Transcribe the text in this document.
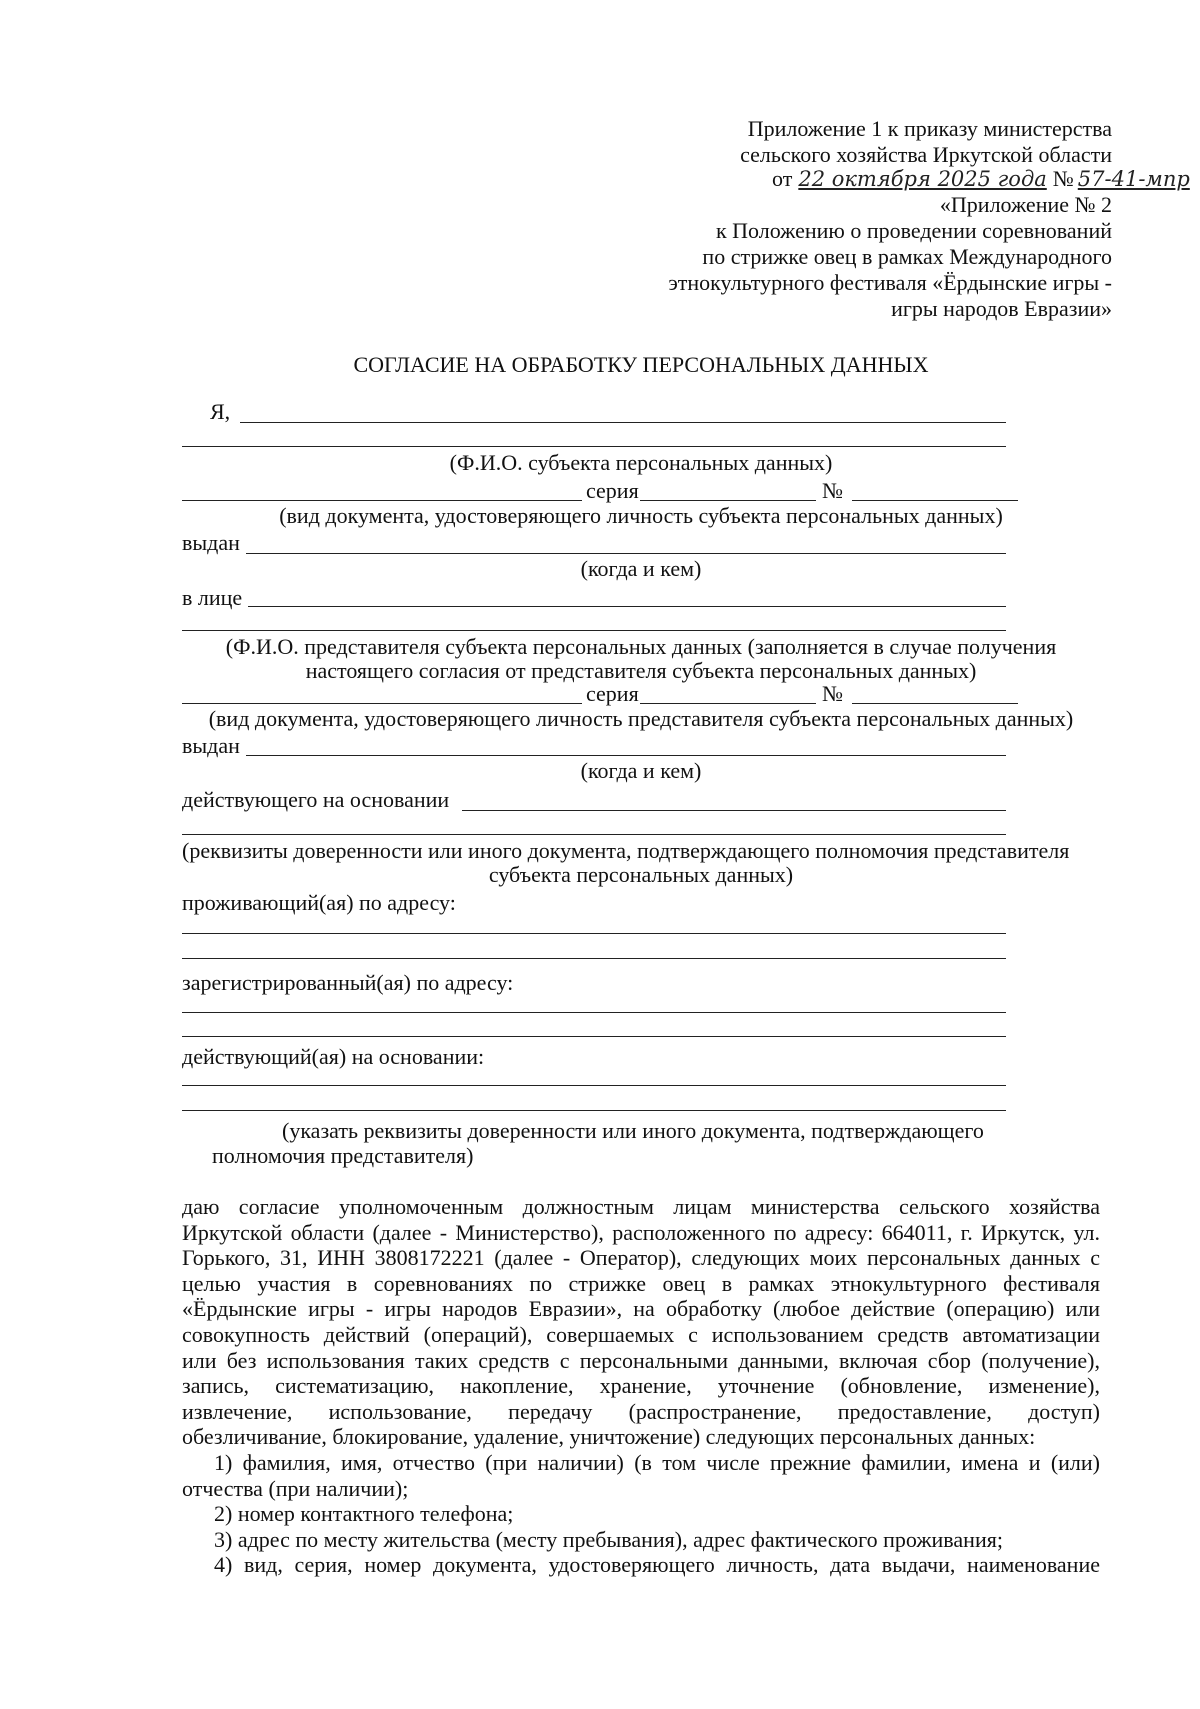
Приложение 1 к приказу министерства
сельского хозяйства Иркутской области
от 22 октября 2025 года № 57-41-мпр
«Приложение № 2
к Положению о проведении соревнований
по стрижке овец в рамках Международного
этнокультурного фестиваля «Ёрдынские игры -
игры народов Евразии»
СОГЛАСИЕ НА ОБРАБОТКУ ПЕРСОНАЛЬНЫХ ДАННЫХ
Я,
(Ф.И.О. субъекта персональных данных)
серия	№
(вид документа, удостоверяющего личность субъекта персональных данных)
выдан
(когда и кем)
в лице
(Ф.И.О. представителя субъекта персональных данных (заполняется в случае получения
настоящего согласия от представителя субъекта персональных данных)
серия	№
(вид документа, удостоверяющего личность представителя субъекта персональных данных)
выдан
(когда и кем)
действующего на основании
(реквизиты доверенности или иного документа, подтверждающего полномочия представителя
субъекта персональных данных)
проживающий(ая) по адресу:
зарегистрированный(ая) по адресу:
действующий(ая) на основании:
(указать реквизиты доверенности или иного документа, подтверждающего
полномочия представителя)
даю согласие уполномоченным должностным лицам министерства сельского хозяйства
Иркутской области (далее - Министерство), расположенного по адресу: 664011, г. Иркутск, ул.
Горького, 31, ИНН 3808172221 (далее - Оператор), следующих моих персональных данных с
целью участия в соревнованиях по стрижке овец в рамках этнокультурного фестиваля
«Ёрдынские игры - игры народов Евразии», на обработку (любое действие (операцию) или
совокупность действий (операций), совершаемых с использованием средств автоматизации
или без использования таких средств с персональными данными, включая сбор (получение),
запись, систематизацию, накопление, хранение, уточнение (обновление, изменение),
извлечение, использование, передачу (распространение, предоставление, доступ)
обезличивание, блокирование, удаление, уничтожение) следующих персональных данных:
1) фамилия, имя, отчество (при наличии) (в том числе прежние фамилии, имена и (или)
отчества (при наличии);
2) номер контактного телефона;
3) адрес по месту жительства (месту пребывания), адрес фактического проживания;
4) вид, серия, номер документа, удостоверяющего личность, дата выдачи, наименование
